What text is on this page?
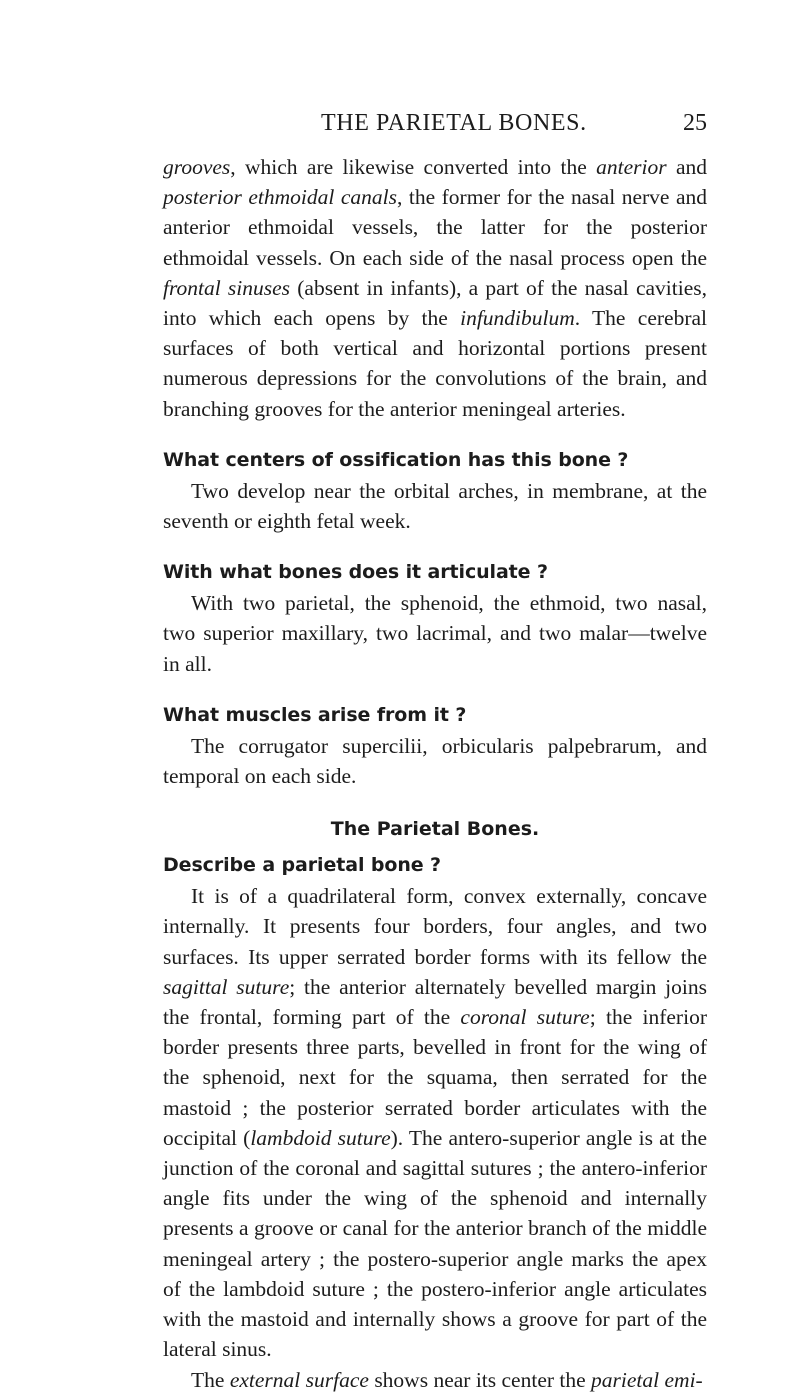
THE PARIETAL BONES.	25

grooves, which are likewise converted into the anterior and posterior ethmoidal canals, the former for the nasal nerve and anterior ethmoidal vessels, the latter for the posterior ethmoidal vessels. On each side of the nasal process open the frontal sinuses (absent in infants), a part of the nasal cavities, into which each opens by the infundibulum. The cerebral surfaces of both vertical and horizontal portions present numerous depressions for the convolutions of the brain, and branching grooves for the anterior meningeal arteries.

What centers of ossification has this bone ?

Two develop near the orbital arches, in membrane, at the seventh or eighth fetal week.

With what bones does it articulate ?

With two parietal, the sphenoid, the ethmoid, two nasal, two superior maxillary, two lacrimal, and two malar—twelve in all.

What muscles arise from it ?

The corrugator supercilii, orbicularis palpebrarum, and temporal on each side.

The Parietal Bones.
Describe a parietal bone ?

It is of a quadrilateral form, convex externally, concave internally. It presents four borders, four angles, and two surfaces. Its upper serrated border forms with its fellow the sagittal suture; the anterior alternately bevelled margin joins the frontal, forming part of the coronal suture; the inferior border presents three parts, bevelled in front for the wing of the sphenoid, next for the squama, then serrated for the mastoid ; the posterior serrated border articulates with the occipital (lambdoid suture). The antero-superior angle is at the junction of the coronal and sagittal sutures ; the antero-inferior angle fits under the wing of the sphenoid and internally presents a groove or canal for the anterior branch of the middle meningeal artery ; the postero-superior angle marks the apex of the lambdoid suture ; the postero-inferior angle articulates with the mastoid and internally shows a groove for part of the lateral sinus.

The external surface shows near its center the parietal emi-
